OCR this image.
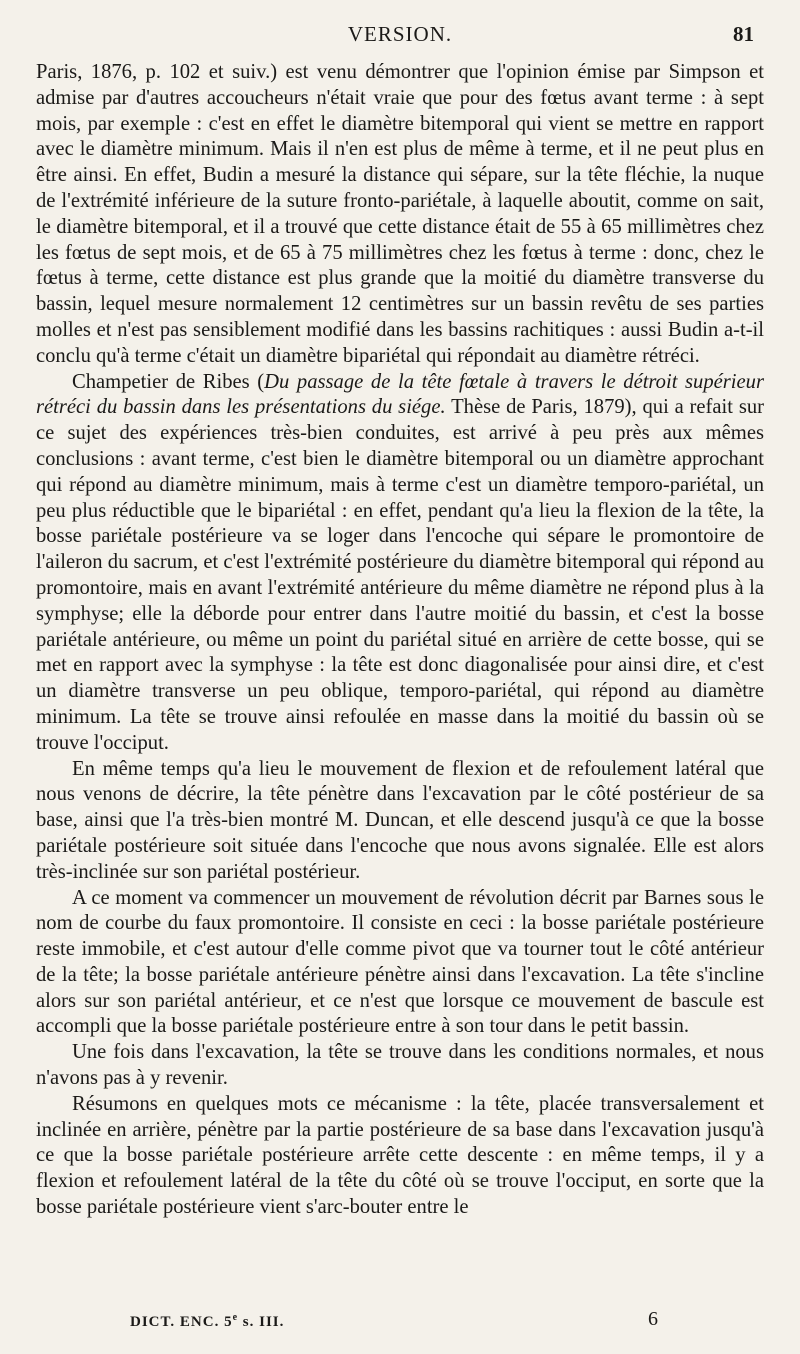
VERSION.	81

Paris, 1876, p. 102 et suiv.) est venu démontrer que l'opinion émise par Simpson et admise par d'autres accoucheurs n'était vraie que pour des fœtus avant terme : à sept mois, par exemple : c'est en effet le diamètre bitemporal qui vient se mettre en rapport avec le diamètre minimum. Mais il n'en est plus de même à terme, et il ne peut plus en être ainsi. En effet, Budin a mesuré la distance qui sépare, sur la tête fléchie, la nuque de l'extrémité inférieure de la suture fronto-pariétale, à laquelle aboutit, comme on sait, le diamètre bitemporal, et il a trouvé que cette distance était de 55 à 65 millimètres chez les fœtus de sept mois, et de 65 à 75 millimètres chez les fœtus à terme : donc, chez le fœtus à terme, cette distance est plus grande que la moitié du diamètre transverse du bassin, lequel mesure normalement 12 centimètres sur un bassin revêtu de ses parties molles et n'est pas sensiblement modifié dans les bassins rachitiques : aussi Budin a-t-il conclu qu'à terme c'était un diamètre bipariétal qui répondait au diamètre rétréci.

Champetier de Ribes (Du passage de la tête fœtale à travers le détroit supérieur rétréci du bassin dans les présentations du siége. Thèse de Paris, 1879), qui a refait sur ce sujet des expériences très-bien conduites, est arrivé à peu près aux mêmes conclusions : avant terme, c'est bien le diamètre bitemporal ou un diamètre approchant qui répond au diamètre minimum, mais à terme c'est un diamètre temporo-pariétal, un peu plus réductible que le bipariétal : en effet, pendant qu'a lieu la flexion de la tête, la bosse pariétale postérieure va se loger dans l'encoche qui sépare le promontoire de l'aileron du sacrum, et c'est l'extrémité postérieure du diamètre bitemporal qui répond au promontoire, mais en avant l'extrémité antérieure du même diamètre ne répond plus à la symphyse; elle la déborde pour entrer dans l'autre moitié du bassin, et c'est la bosse pariétale antérieure, ou même un point du pariétal situé en arrière de cette bosse, qui se met en rapport avec la symphyse : la tête est donc diagonalisée pour ainsi dire, et c'est un diamètre transverse un peu oblique, temporo-pariétal, qui répond au diamètre minimum. La tête se trouve ainsi refoulée en masse dans la moitié du bassin où se trouve l'occiput.

En même temps qu'a lieu le mouvement de flexion et de refoulement latéral que nous venons de décrire, la tête pénètre dans l'excavation par le côté postérieur de sa base, ainsi que l'a très-bien montré M. Duncan, et elle descend jusqu'à ce que la bosse pariétale postérieure soit située dans l'encoche que nous avons signalée. Elle est alors très-inclinée sur son pariétal postérieur.

A ce moment va commencer un mouvement de révolution décrit par Barnes sous le nom de courbe du faux promontoire. Il consiste en ceci : la bosse pariétale postérieure reste immobile, et c'est autour d'elle comme pivot que va tourner tout le côté antérieur de la tête; la bosse pariétale antérieure pénètre ainsi dans l'excavation. La tête s'incline alors sur son pariétal antérieur, et ce n'est que lorsque ce mouvement de bascule est accompli que la bosse pariétale postérieure entre à son tour dans le petit bassin.

Une fois dans l'excavation, la tête se trouve dans les conditions normales, et nous n'avons pas à y revenir.

Résumons en quelques mots ce mécanisme : la tête, placée transversalement et inclinée en arrière, pénètre par la partie postérieure de sa base dans l'excavation jusqu'à ce que la bosse pariétale postérieure arrête cette descente : en même temps, il y a flexion et refoulement latéral de la tête du côté où se trouve l'occiput, en sorte que la bosse pariétale postérieure vient s'arc-bouter entre le

DICT. ENC. 5e s. III.	6
